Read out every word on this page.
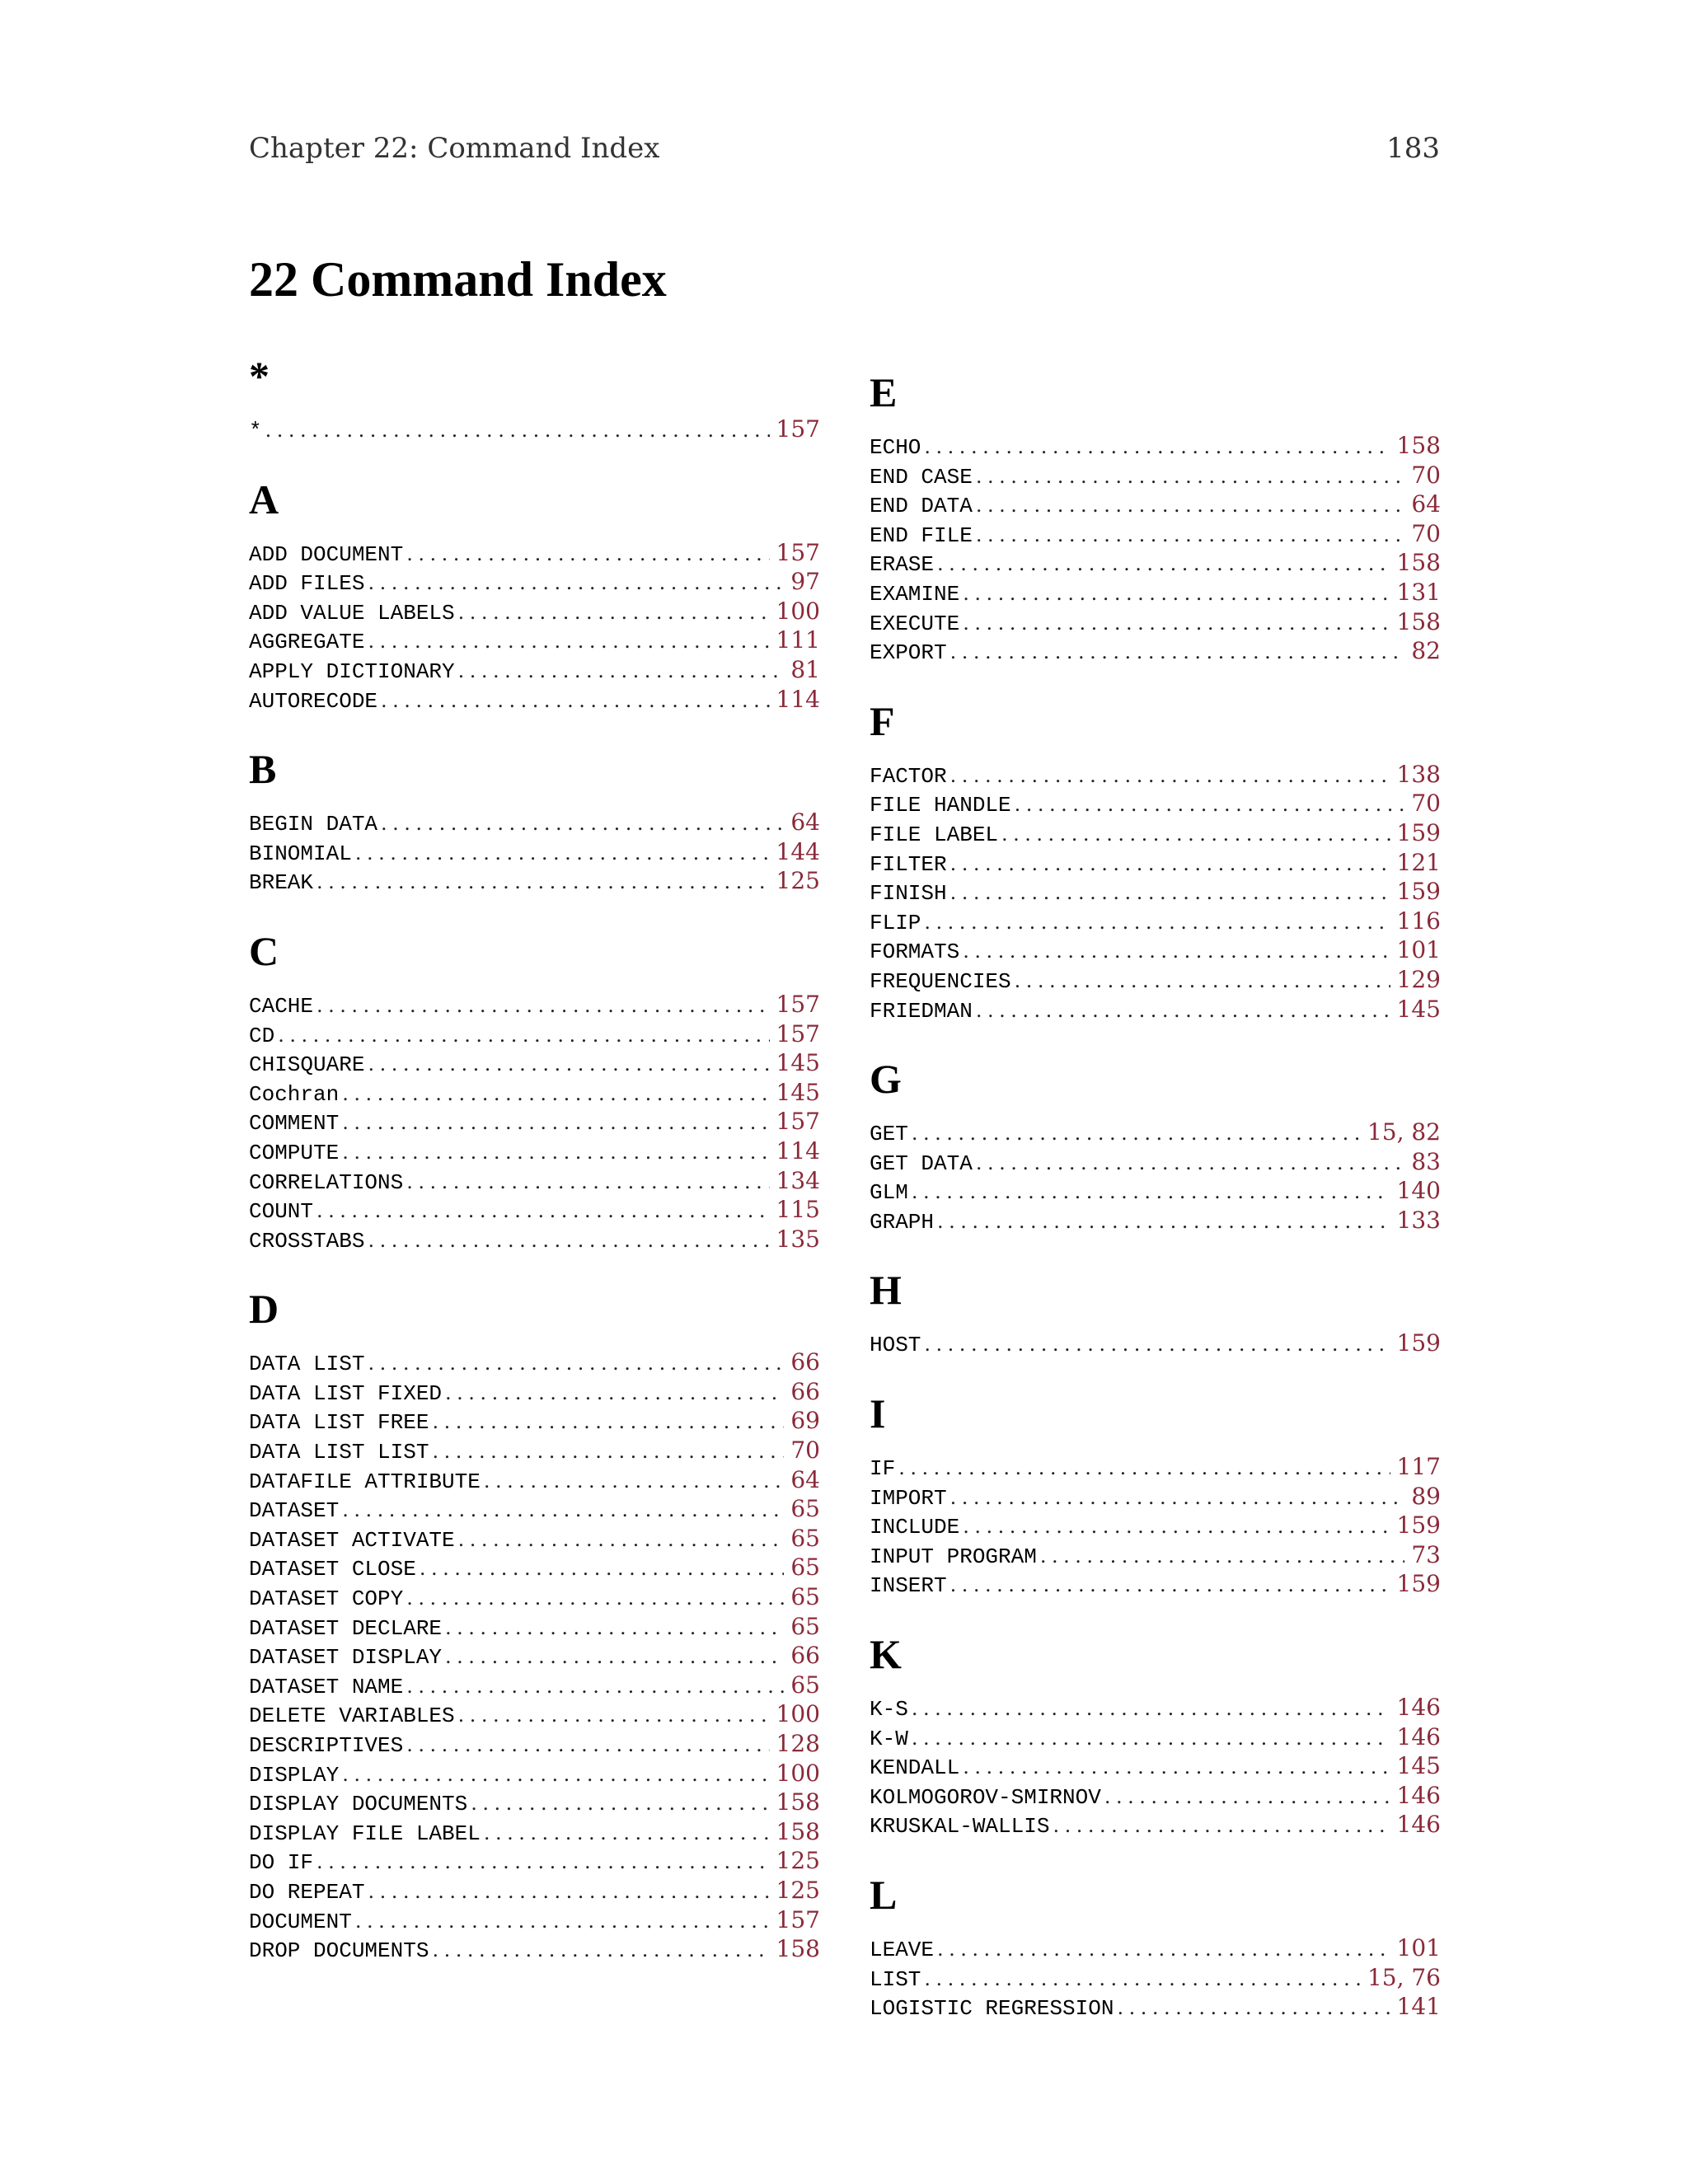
Chapter 22: Command Index	183
22 Command Index
*
* .....	157
A
ADD DOCUMENT .....	157
ADD FILES .....	97
ADD VALUE LABELS .....	100
AGGREGATE .....	111
APPLY DICTIONARY .....	81
AUTORECODE .....	114
B
BEGIN DATA .....	64
BINOMIAL .....	144
BREAK .....	125
C
CACHE .....	157
CD .....	157
CHISQUARE .....	145
Cochran .....	145
COMMENT .....	157
COMPUTE .....	114
CORRELATIONS .....	134
COUNT .....	115
CROSSTABS .....	135
D
DATA LIST .....	66
DATA LIST FIXED .....	66
DATA LIST FREE .....	69
DATA LIST LIST .....	70
DATAFILE ATTRIBUTE .....	64
DATASET .....	65
DATASET ACTIVATE .....	65
DATASET CLOSE .....	65
DATASET COPY .....	65
DATASET DECLARE .....	65
DATASET DISPLAY .....	66
DATASET NAME .....	65
DELETE VARIABLES .....	100
DESCRIPTIVES .....	128
DISPLAY .....	100
DISPLAY DOCUMENTS .....	158
DISPLAY FILE LABEL .....	158
DO IF .....	125
DO REPEAT .....	125
DOCUMENT .....	157
DROP DOCUMENTS .....	158
E
ECHO .....	158
END CASE .....	70
END DATA .....	64
END FILE .....	70
ERASE .....	158
EXAMINE .....	131
EXECUTE .....	158
EXPORT .....	82
F
FACTOR .....	138
FILE HANDLE .....	70
FILE LABEL .....	159
FILTER .....	121
FINISH .....	159
FLIP .....	116
FORMATS .....	101
FREQUENCIES .....	129
FRIEDMAN .....	145
G
GET .....	15, 82
GET DATA .....	83
GLM .....	140
GRAPH .....	133
H
HOST .....	159
I
IF .....	117
IMPORT .....	89
INCLUDE .....	159
INPUT PROGRAM .....	73
INSERT .....	159
K
K-S .....	146
K-W .....	146
KENDALL .....	145
KOLMOGOROV-SMIRNOV .....	146
KRUSKAL-WALLIS .....	146
L
LEAVE .....	101
LIST .....	15, 76
LOGISTIC REGRESSION .....	141
